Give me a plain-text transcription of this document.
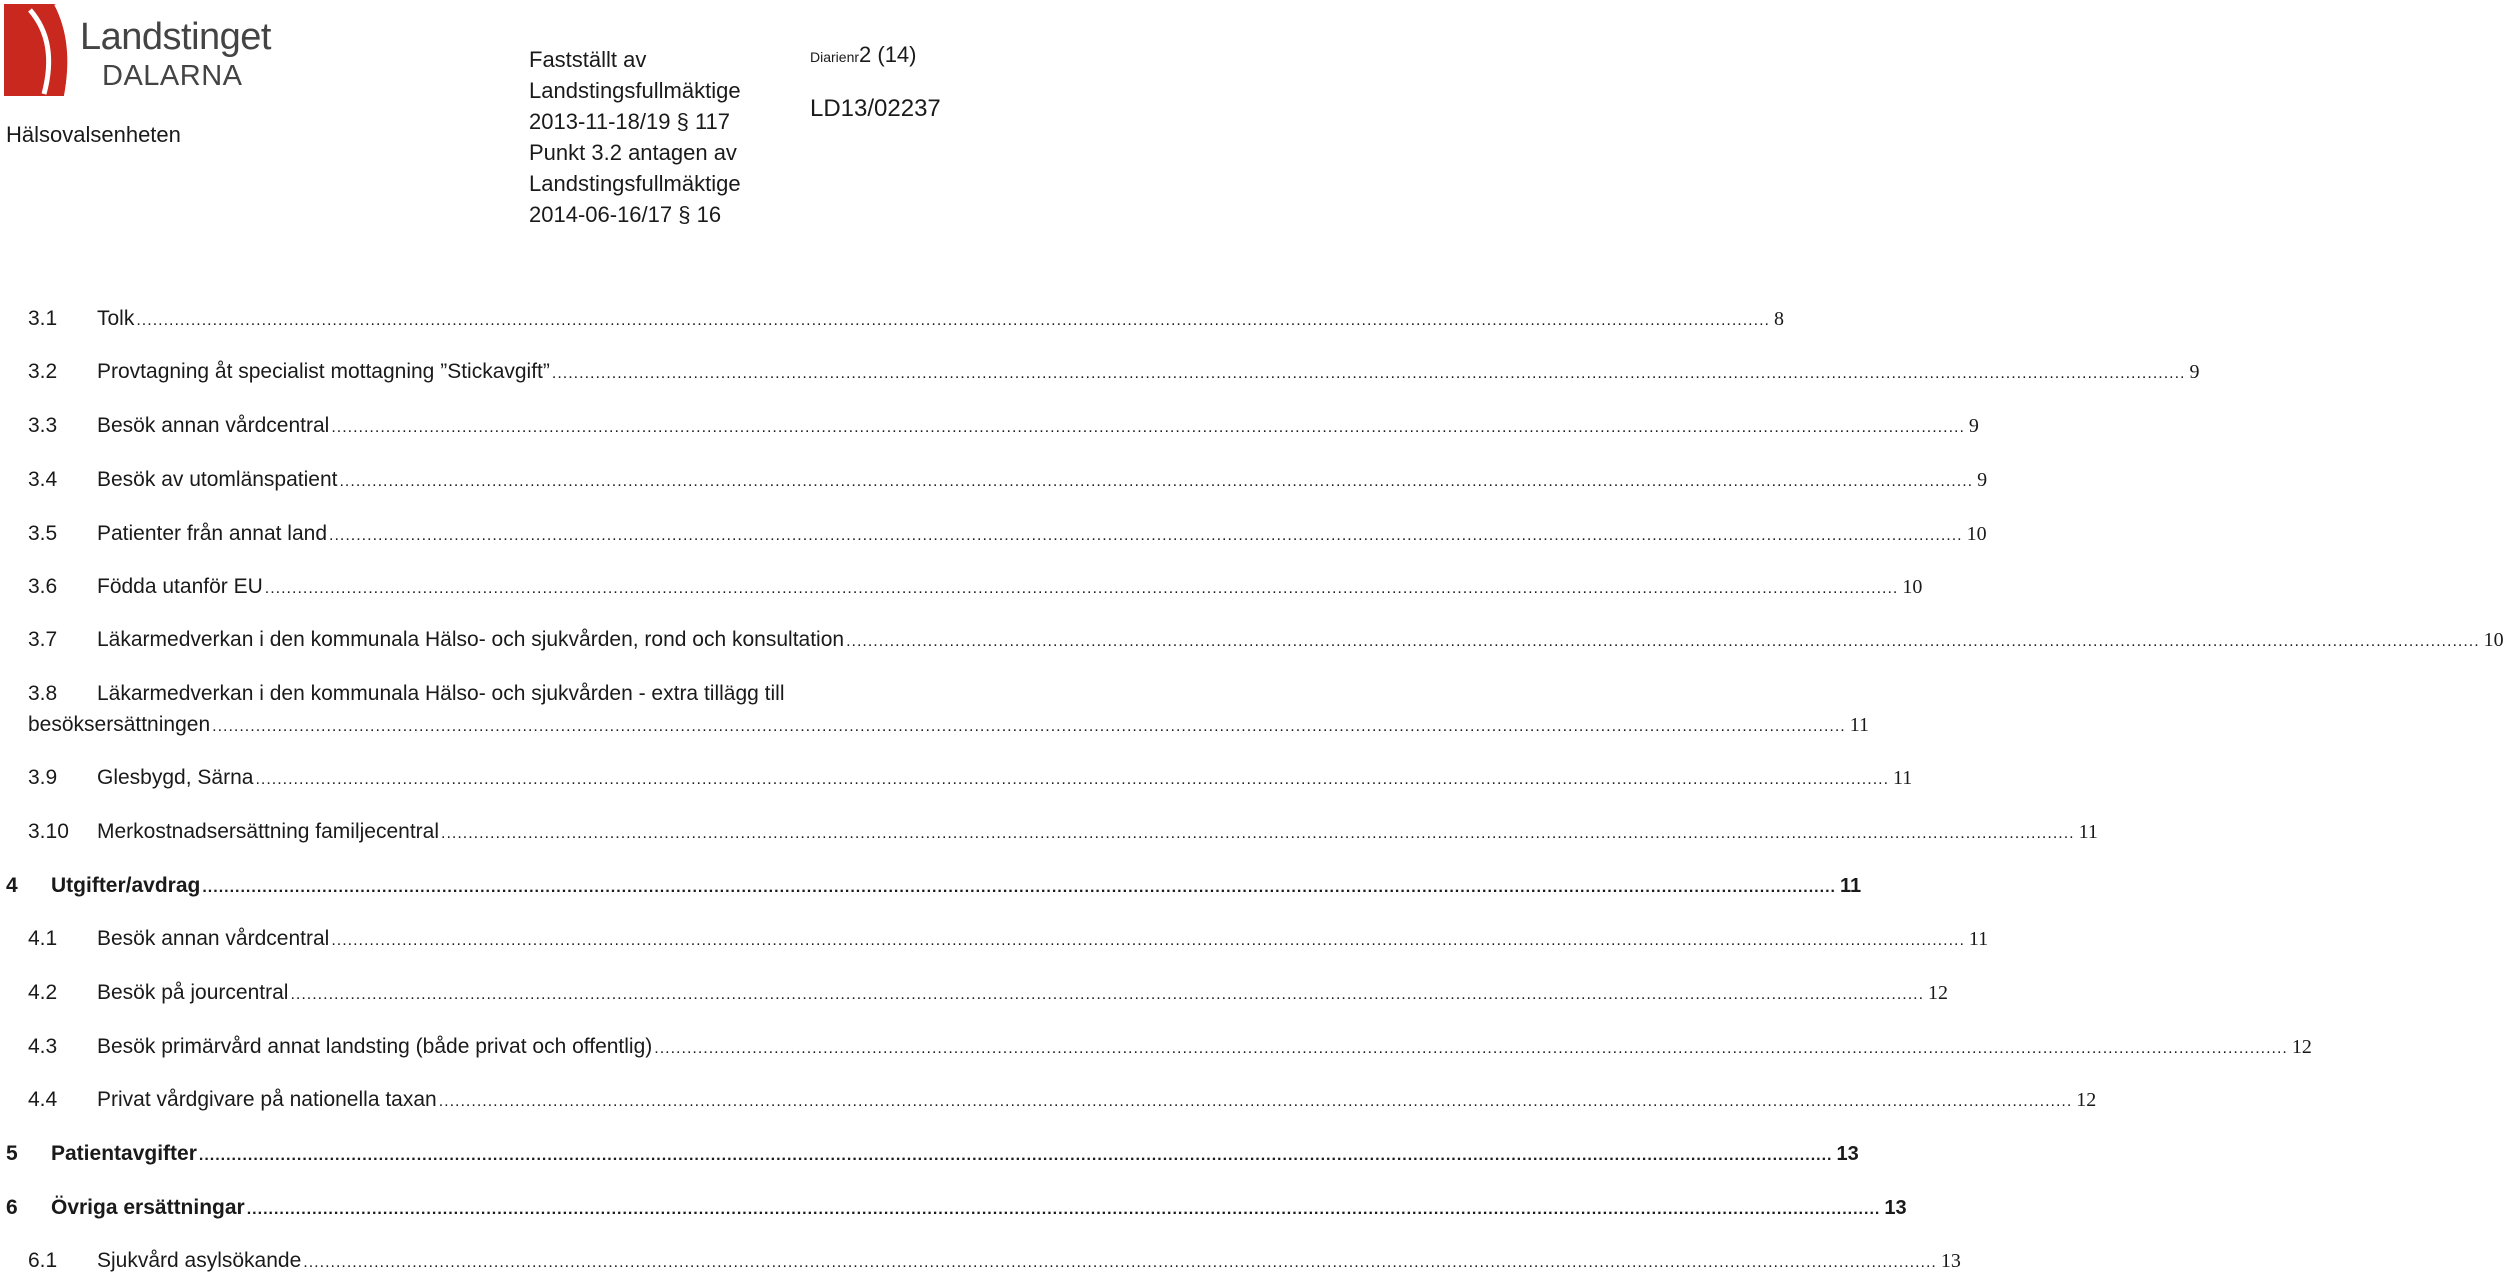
Landstinget
DALARNA
Hälsovalsenheten
Fastställt av
Landstingsfullmäktige
2013-11-18/19 § 117
Punkt 3.2 antagen av
Landstingsfullmäktige
2014-06-16/17 § 16
Diarienr2 (14)
LD13/02237
3.1 Tolk ............................................................................................................................................................................................................................................................................................................ 8
3.2 Provtagning åt specialist mottagning ”Stickavgift” ............................................................................................................................................................................................................................................................................................................ 9
3.3 Besök annan vårdcentral ............................................................................................................................................................................................................................................................................................................ 9
3.4 Besök av utomlänspatient ............................................................................................................................................................................................................................................................................................................ 9
3.5 Patienter från annat land ............................................................................................................................................................................................................................................................................................................ 10
3.6 Födda utanför EU ............................................................................................................................................................................................................................................................................................................ 10
3.7 Läkarmedverkan i den kommunala Hälso- och sjukvården, rond och konsultation ............................................................................................................................................................................................................................................................................................................ 10
3.8 Läkarmedverkan i den kommunala Hälso- och sjukvården - extra tillägg till
besöksersättningen ............................................................................................................................................................................................................................................................................................................ 11
3.9 Glesbygd, Särna ............................................................................................................................................................................................................................................................................................................ 11
3.10 Merkostnadsersättning familjecentral ............................................................................................................................................................................................................................................................................................................ 11
4 Utgifter/avdrag ............................................................................................................................................................................................................................................................................................................ 11
4.1 Besök annan vårdcentral ............................................................................................................................................................................................................................................................................................................ 11
4.2 Besök på jourcentral ............................................................................................................................................................................................................................................................................................................ 12
4.3 Besök primärvård annat landsting (både privat och offentlig) ............................................................................................................................................................................................................................................................................................................ 12
4.4 Privat vårdgivare på nationella taxan ............................................................................................................................................................................................................................................................................................................ 12
5 Patientavgifter ............................................................................................................................................................................................................................................................................................................ 13
6 Övriga ersättningar ............................................................................................................................................................................................................................................................................................................ 13
6.1 Sjukvård asylsökande ............................................................................................................................................................................................................................................................................................................ 13
